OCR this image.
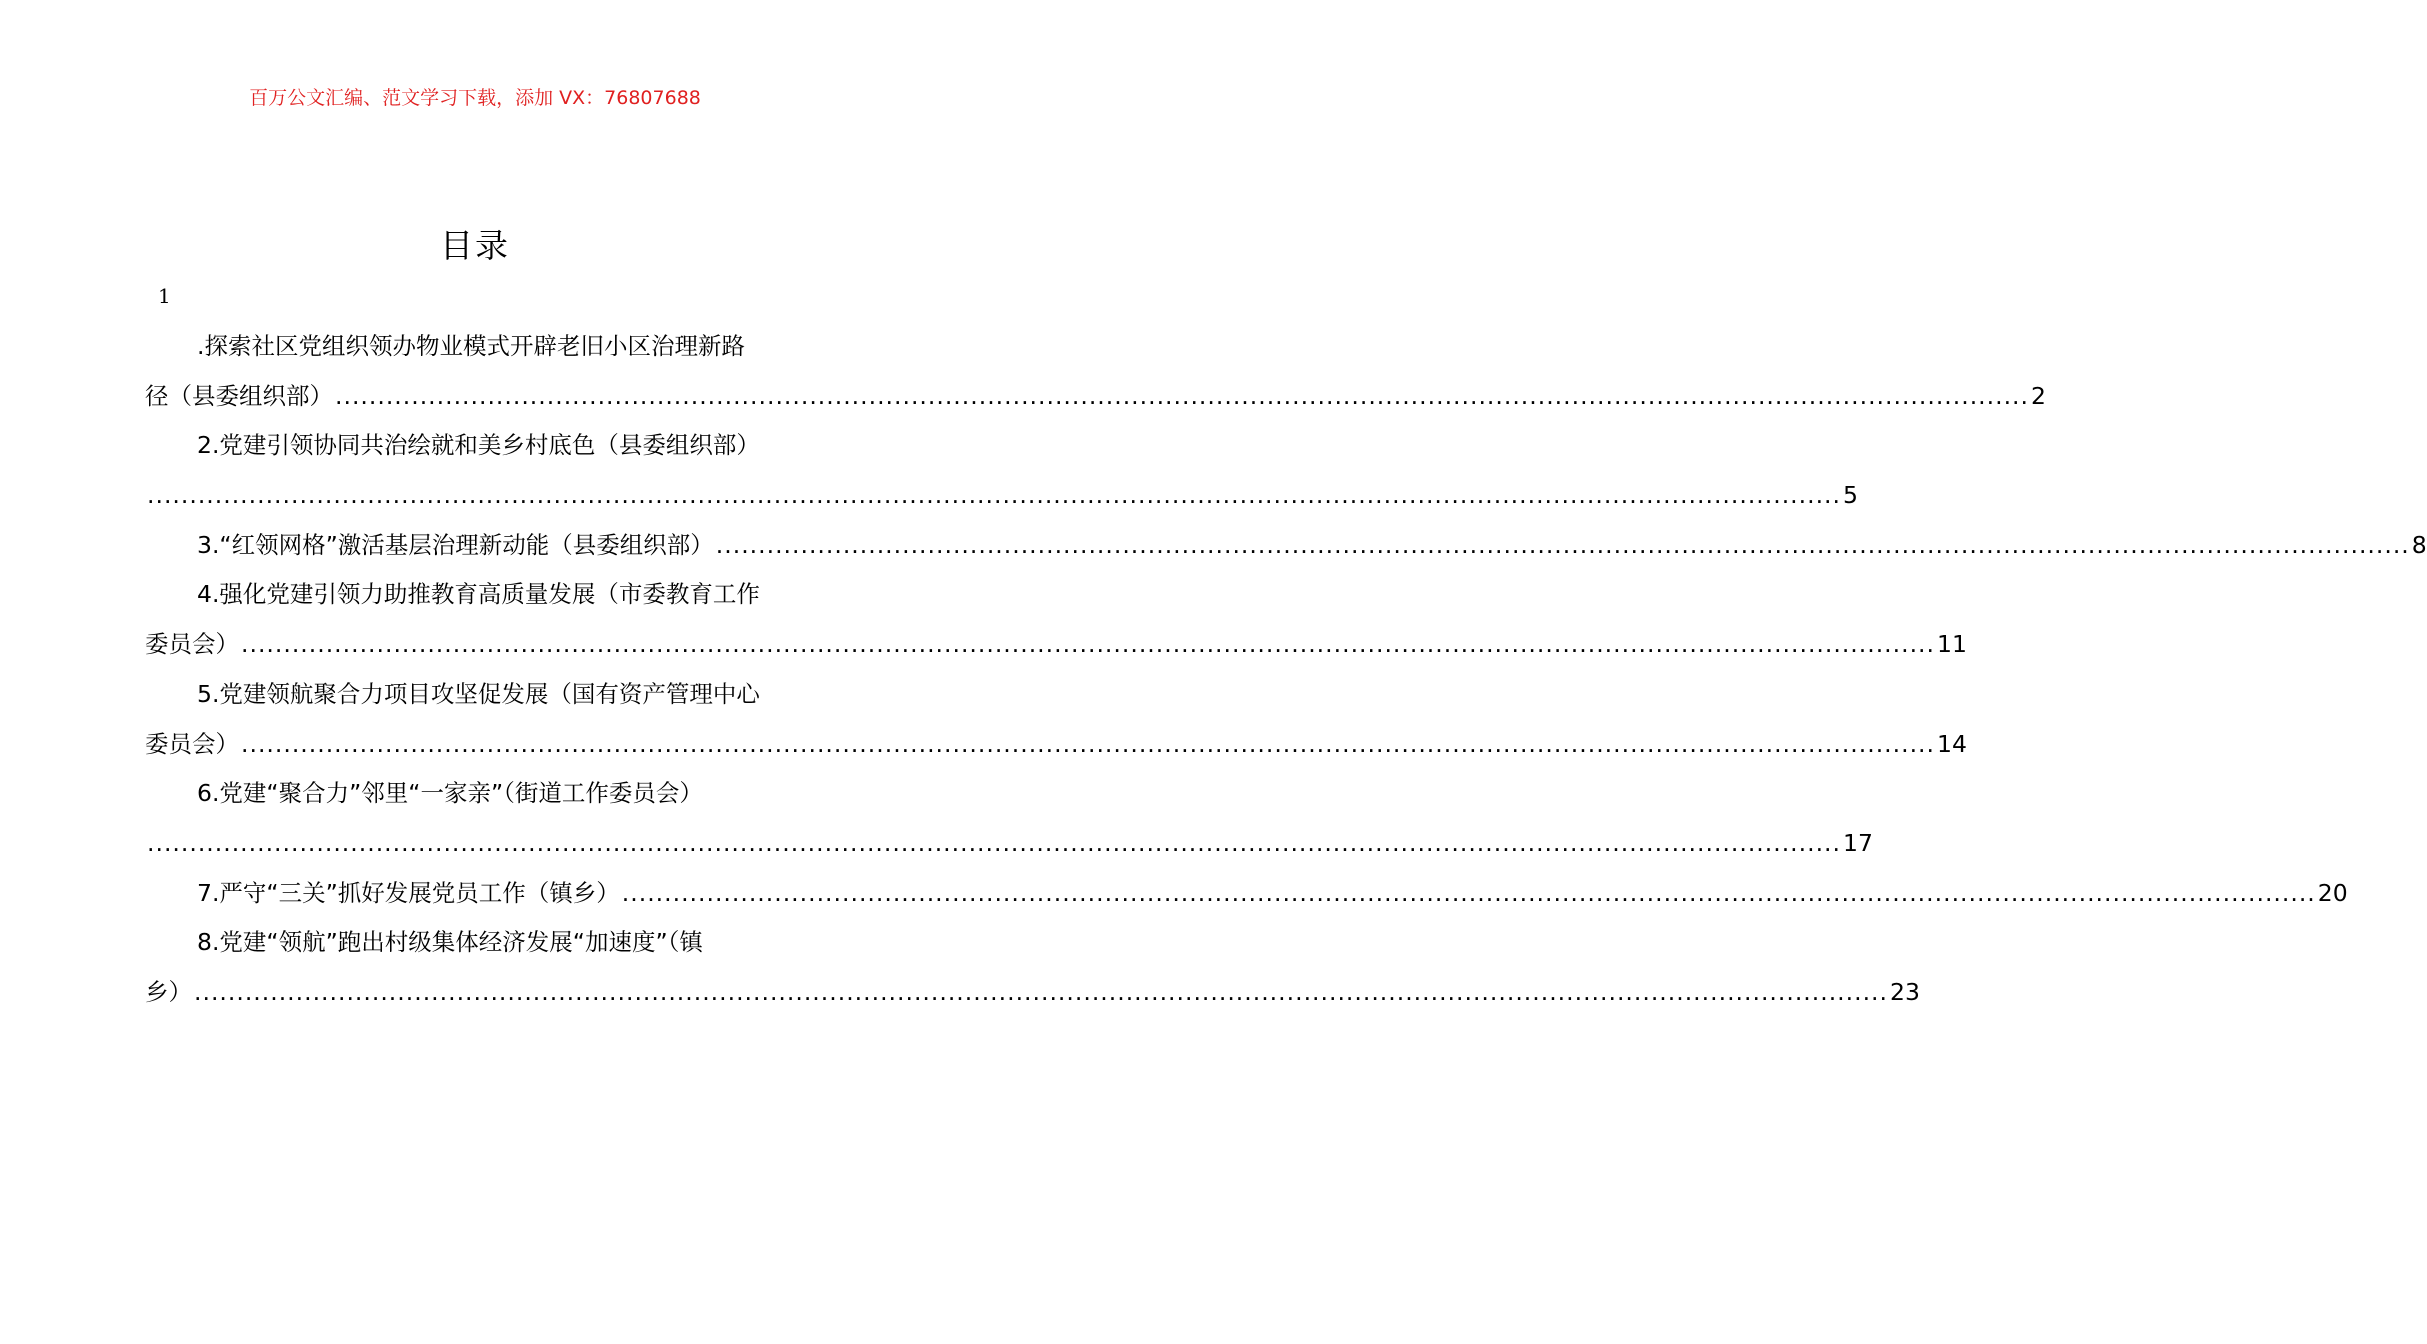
百万公文汇编、范文学习下载，添加 VX：76807688
目录
1
.探索社区党组织领办物业模式开辟老旧小区治理新路
径（县委组织部） ........................................................................................................................................................................................................ 2
2.党建引领协同共治绘就和美乡村底色（县委组织部）
........................................................................................................................................................................................................ 5
3.“红领网格”激活基层治理新动能（县委组织部） ........................................................................................................................................................................................................ 8
4.强化党建引领力助推教育高质量发展（市委教育工作
委员会） ........................................................................................................................................................................................................ 11
5.党建领航聚合力项目攻坚促发展（国有资产管理中心
委员会） ........................................................................................................................................................................................................ 14
6.党建“聚合力”邻里“一家亲”（街道工作委员会）
........................................................................................................................................................................................................ 17
7.严守“三关”抓好发展党员工作（镇乡） ........................................................................................................................................................................................................ 20
8.党建“领航”跑出村级集体经济发展“加速度”（镇
乡） ........................................................................................................................................................................................................ 23
